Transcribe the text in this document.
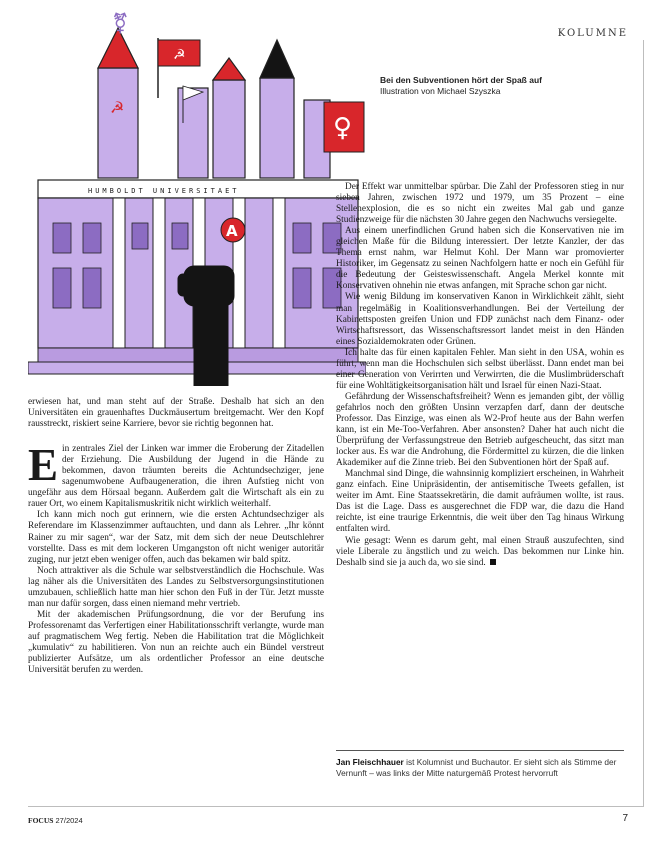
KOLUMNE
☭
☭
⚧
♀
HUMBOLDT UNIVERSITAET
A
Bei den Subventionen hört der Spaß auf
Illustration von Michael Szyszka

erwiesen hat, und man steht auf der Straße. Deshalb hat sich an den Universitäten ein grauenhaftes Duckmäusertum breitgemacht. Wer den Kopf rausstreckt, riskiert seine Karriere, bevor sie richtig begonnen hat.

Ein zentrales Ziel der Linken war immer die Eroberung der Zitadellen der Erziehung. Die Ausbildung der Jugend in die Hände zu bekommen, davon träumten bereits die Achtundsechziger, jene sagenumwobene Aufbaugeneration, die ihren Aufstieg nicht von ungefähr aus dem Hörsaal begann. Außerdem galt die Wirtschaft als ein zu rauer Ort, wo einem Kapitalismuskritik nicht wirklich weiterhalf.

Ich kann mich noch gut erinnern, wie die ersten Achtundsechziger als Referendare im Klassenzimmer auftauchten, und dann als Lehrer. „Ihr könnt Rainer zu mir sagen“, war der Satz, mit dem sich der neue Deutschlehrer vorstellte. Dass es mit dem lockeren Umgangston oft nicht weniger autoritär zuging, nur jetzt eben weniger offen, auch das bekamen wir bald spitz.

Noch attraktiver als die Schule war selbstverständlich die Hochschule. Was lag näher als die Universitäten des Landes zu Selbstversorgungsinstitutionen umzubauen, schließlich hatte man hier schon den Fuß in der Tür. Jetzt musste man nur dafür sorgen, dass einen niemand mehr vertrieb.

Mit der akademischen Prüfungsordnung, die vor der Berufung ins Professorenamt das Verfertigen einer Habilitationsschrift verlangte, wurde man auf pragmatischem Weg fertig. Neben die Habilitation trat die Möglichkeit „kumulativ“ zu habilitieren. Von nun an reichte auch ein Bündel verstreut publizierter Aufsätze, um als ordentlicher Professor an eine deutsche Universität berufen zu werden.

Der Effekt war unmittelbar spürbar. Die Zahl der Professoren stieg in nur sieben Jahren, zwischen 1972 und 1979, um 35 Prozent – eine Stellenexplosion, die es so nicht ein zweites Mal gab und ganze Studienzweige für die nächsten 30 Jahre gegen den Nachwuchs versiegelte.

Aus einem unerfindlichen Grund haben sich die Konservativen nie im gleichen Maße für die Bildung interessiert. Der letzte Kanzler, der das Thema ernst nahm, war Helmut Kohl. Der Mann war promovierter Historiker, im Gegensatz zu seinen Nachfolgern hatte er noch ein Gefühl für die Bedeutung der Geisteswissenschaft. Angela Merkel konnte mit Konservativen ohnehin nie etwas anfangen, mit Sprache schon gar nicht.

Wie wenig Bildung im konservativen Kanon in Wirklichkeit zählt, sieht man regelmäßig in Koalitionsverhandlungen. Bei der Verteilung der Kabinettsposten greifen Union und FDP zunächst nach dem Finanz- oder Wirtschaftsressort, das Wissenschaftsressort landet meist in den Händen eines Sozialdemokraten oder Grünen.

Ich halte das für einen kapitalen Fehler. Man sieht in den USA, wohin es führt, wenn man die Hochschulen sich selbst überlässt. Dann endet man bei einer Generation von Verirrten und Verwirrten, die die Muslimbrüderschaft für eine Wohltätigkeitsorganisation hält und Israel für einen Nazi-Staat.

Gefährdung der Wissenschaftsfreiheit? Wenn es jemanden gibt, der völlig gefahrlos noch den größten Unsinn verzapfen darf, dann der deutsche Professor. Das Einzige, was einen als W2-Prof heute aus der Bahn werfen kann, ist ein Me-Too-Verfahren. Aber ansonsten? Daher hat auch nicht die Überprüfung der Verfassungstreue den Betrieb aufgescheucht, das sitzt man locker aus. Es war die Androhung, die Fördermittel zu kürzen, die die linken Akademiker auf die Zinne trieb. Bei den Subventionen hört der Spaß auf.

Manchmal sind Dinge, die wahnsinnig kompliziert erscheinen, in Wahrheit ganz einfach. Eine Unipräsidentin, der antisemitische Tweets gefallen, ist weiter im Amt. Eine Staatssekretärin, die damit aufräumen wollte, ist raus. Das ist die Lage. Dass es ausgerechnet die FDP war, die dazu die Hand reichte, ist eine traurige Erkenntnis, die weit über den Tag hinaus Wirkung entfalten wird.

Wie gesagt: Wenn es darum geht, mal einen Strauß auszufechten, sind viele Liberale zu ängstlich und zu weich. Das bekommen nur Linke hin. Deshalb sind sie ja auch da, wo sie sind.

Jan Fleischhauer ist Kolumnist und Buchautor. Er sieht sich als Stimme der Vernunft – was links der Mitte naturgemäß Protest hervorruft
FOCUS 27/2024	7
